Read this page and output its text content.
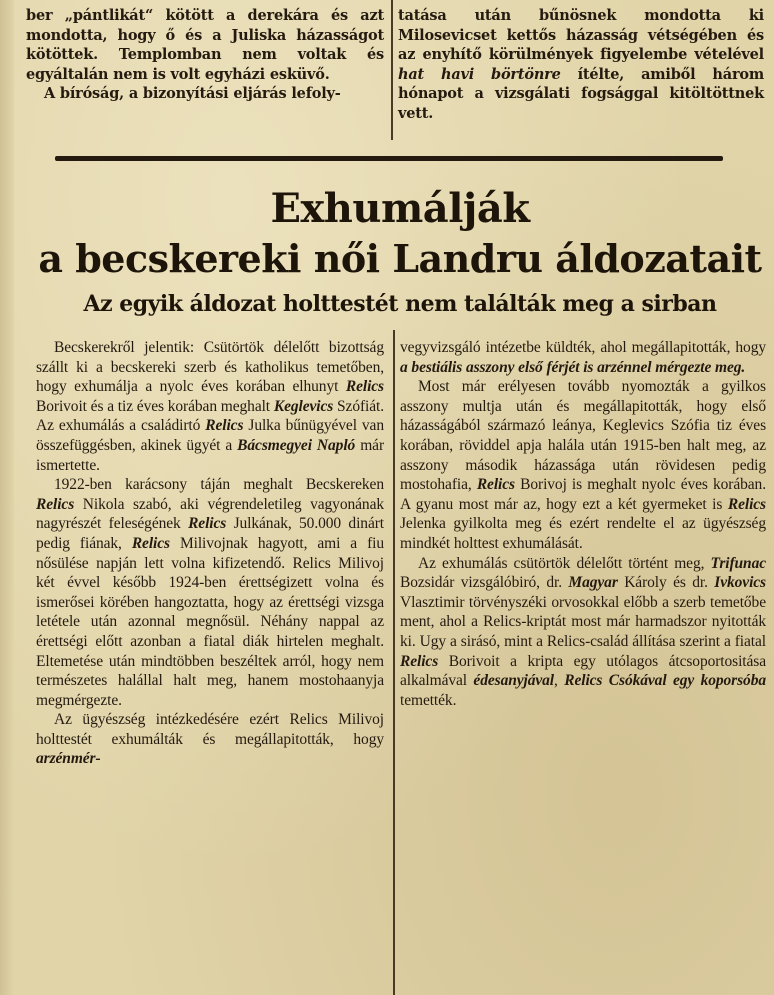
ber „pántlikát“ kötött a derekára és azt mondotta, hogy ő és a Juliska házasságot kötöttek. Templomban nem voltak és egyáltalán nem is volt egyházi esküvő.

A bíróság, a bizonyítási eljárás lefoly-

tatása után bűnösnek mondotta ki Milosevicset kettős házasság vétségében és az enyhítő körülmények figyelembe vételével hat havi börtönre ítélte, amiből három hónapot a vizsgálati fogsággal kitöltöttnek vett.

Exhumálják
a becskereki női Landru áldozatait
Az egyik áldozat holttestét nem találták meg a sirban

Becskerekről jelentik: Csütörtök délelőtt bizottság szállt ki a becskereki szerb és katholikus temetőben, hogy exhumálja a nyolc éves korában elhunyt Relics Borivoit és a tiz éves korában meghalt Keglevics Szófiát. Az exhumálás a családirtó Relics Julka bűnügyével van összefüggésben, akinek ügyét a Bácsmegyei Napló már ismertette.

1922-ben karácsony táján meghalt Becskereken Relics Nikola szabó, aki végrendeletileg vagyonának nagyrészét feleségének Relics Julkának, 50.000 dinárt pedig fiának, Relics Milivojnak hagyott, ami a fiu nősülése napján lett volna kifizetendő. Relics Milivoj két évvel később 1924-ben érettségizett volna és ismerősei körében hangoztatta, hogy az érettségi vizsga letétele után azonnal megnősül. Néhány nappal az érettségi előtt azonban a fiatal diák hirtelen meghalt. Eltemetése után mindtöbben beszéltek arról, hogy nem természetes halállal halt meg, hanem mostohaanyja megmérgezte.

Az ügyészség intézkedésére ezért Relics Milivoj holttestét exhumálták és megállapitották, hogy arzénmér-

vegyvizsgáló intézetbe küldték, ahol megállapitották, hogy a bestiális asszony első férjét is arzénnel mérgezte meg.

Most már erélyesen tovább nyomozták a gyilkos asszony multja után és megállapitották, hogy első házasságából származó leánya, Keglevics Szófia tiz éves korában, röviddel apja halála után 1915-ben halt meg, az asszony második házassága után rövidesen pedig mostohafia, Relics Borivoj is meghalt nyolc éves korában. A gyanu most már az, hogy ezt a két gyermeket is Relics Jelenka gyilkolta meg és ezért rendelte el az ügyészség mindkét holttest exhumálását.

Az exhumálás csütörtök délelőtt történt meg, Trifunac Bozsidár vizsgálóbiró, dr. Magyar Károly és dr. Ivkovics Vlasztimir törvényszéki orvosokkal előbb a szerb temetőbe ment, ahol a Relics-kriptát most már harmadszor nyitották ki. Ugy a sirásó, mint a Relics-család állítása szerint a fiatal Relics Borivoit a kripta egy utólagos átcsoportositása alkalmával édesanyjával, Relics Csókával egy koporsóba temették.
